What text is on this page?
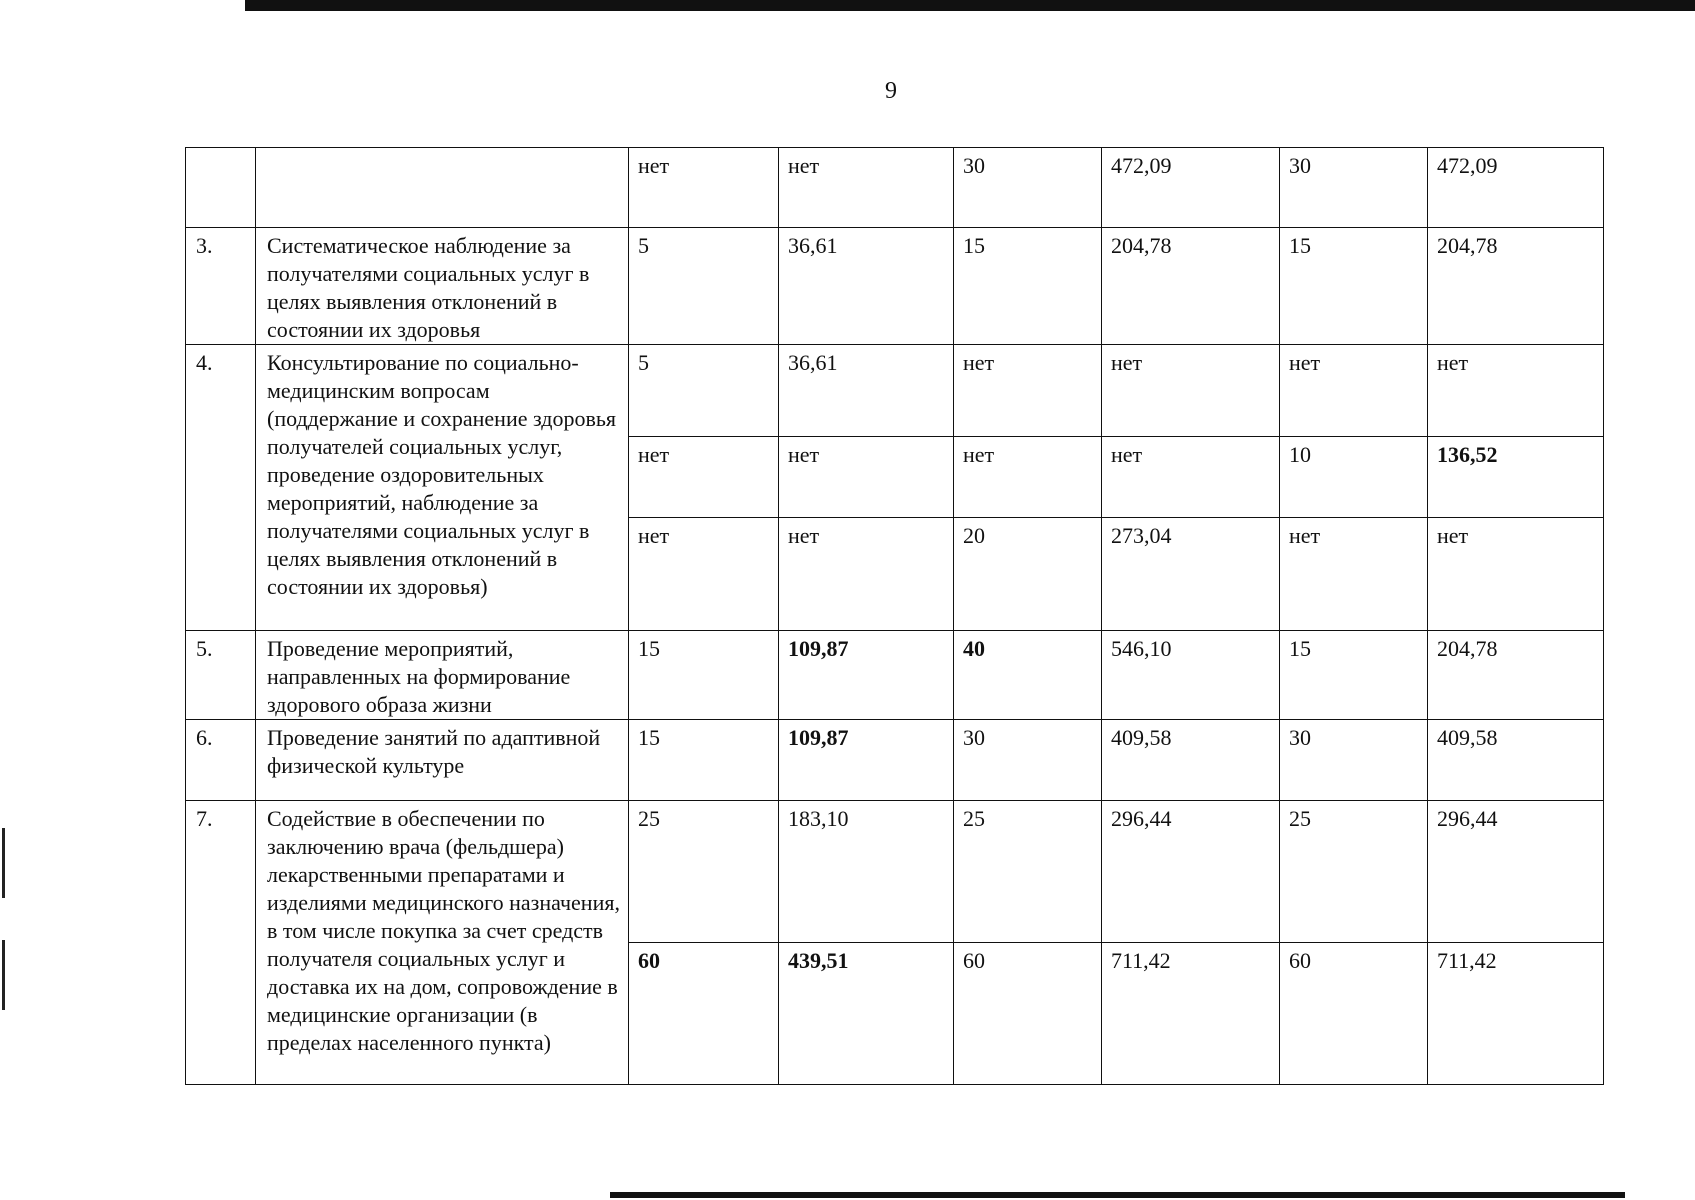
9
		нет	нет	30	472,09	30	472,09
3.	Систематическое наблюдение за получателями социальных услуг в целях выявления отклонений в состоянии их здоровья	5	36,61	15	204,78	15	204,78
4.	Консультирование по социально-медицинским вопросам (поддержание и сохранение здоровья получателей социальных услуг, проведение оздоровительных мероприятий, наблюдение за получателями социальных услуг в целях выявления отклонений в состоянии их здоровья)	5	36,61	нет	нет	нет	нет
		нет	нет	нет	нет	10	136,52
		нет	нет	20	273,04	нет	нет
5.	Проведение мероприятий, направленных на формирование здорового образа жизни	15	109,87	40	546,10	15	204,78
6.	Проведение занятий по адаптивной физической культуре	15	109,87	30	409,58	30	409,58
7.	Содействие в обеспечении по заключению врача (фельдшера) лекарственными препаратами и изделиями медицинского назначения, в том числе покупка за счет средств получателя социальных услуг и доставка их на дом, сопровождение в медицинские организации (в пределах населенного пункта)	25	183,10	25	296,44	25	296,44
		60	439,51	60	711,42	60	711,42
